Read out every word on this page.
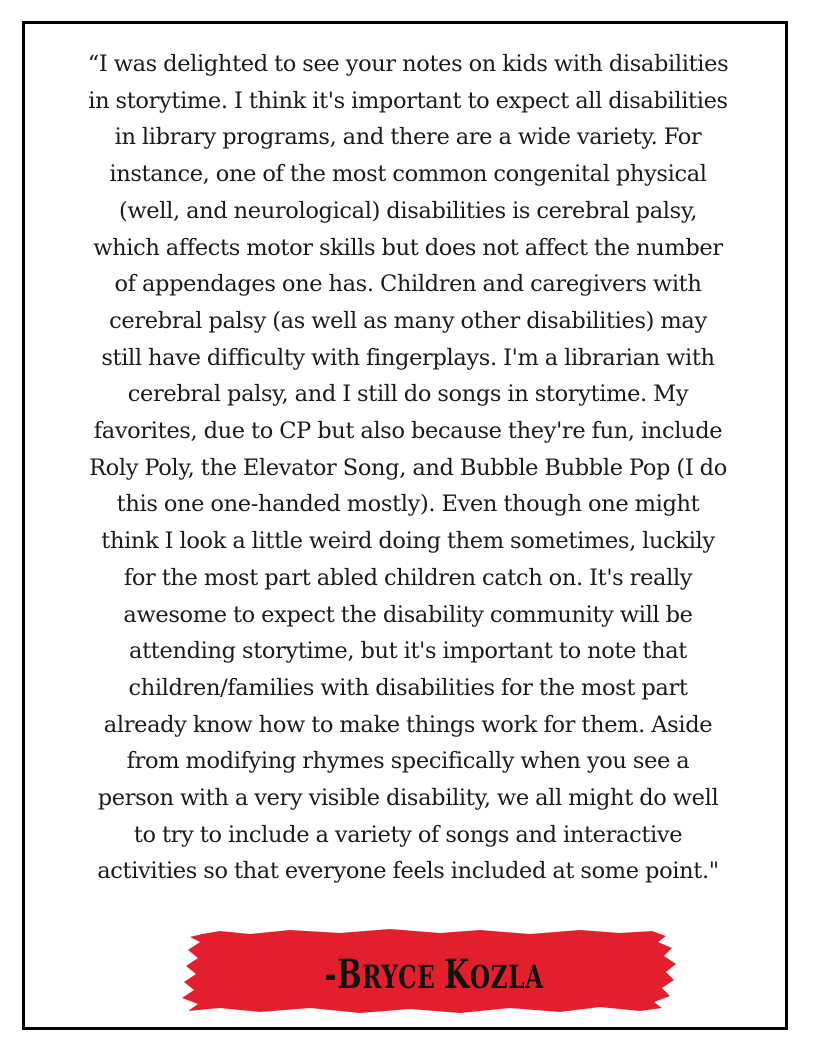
“I was delighted to see your notes on kids with disabilities
in storytime. I think it's important to expect all disabilities
in library programs, and there are a wide variety. For
instance, one of the most common congenital physical
(well, and neurological) disabilities is cerebral palsy,
which affects motor skills but does not affect the number
of appendages one has. Children and caregivers with
cerebral palsy (as well as many other disabilities) may
still have difficulty with fingerplays. I'm a librarian with
cerebral palsy, and I still do songs in storytime. My
favorites, due to CP but also because they're fun, include
Roly Poly, the Elevator Song, and Bubble Bubble Pop (I do
this one one-handed mostly). Even though one might
think I look a little weird doing them sometimes, luckily
for the most part abled children catch on. It's really
awesome to expect the disability community will be
attending storytime, but it's important to note that
children/families with disabilities for the most part
already know how to make things work for them. Aside
from modifying rhymes specifically when you see a
person with a very visible disability, we all might do well
to try to include a variety of songs and interactive
activities so that everyone feels included at some point."

-BRYCE KOZLA
